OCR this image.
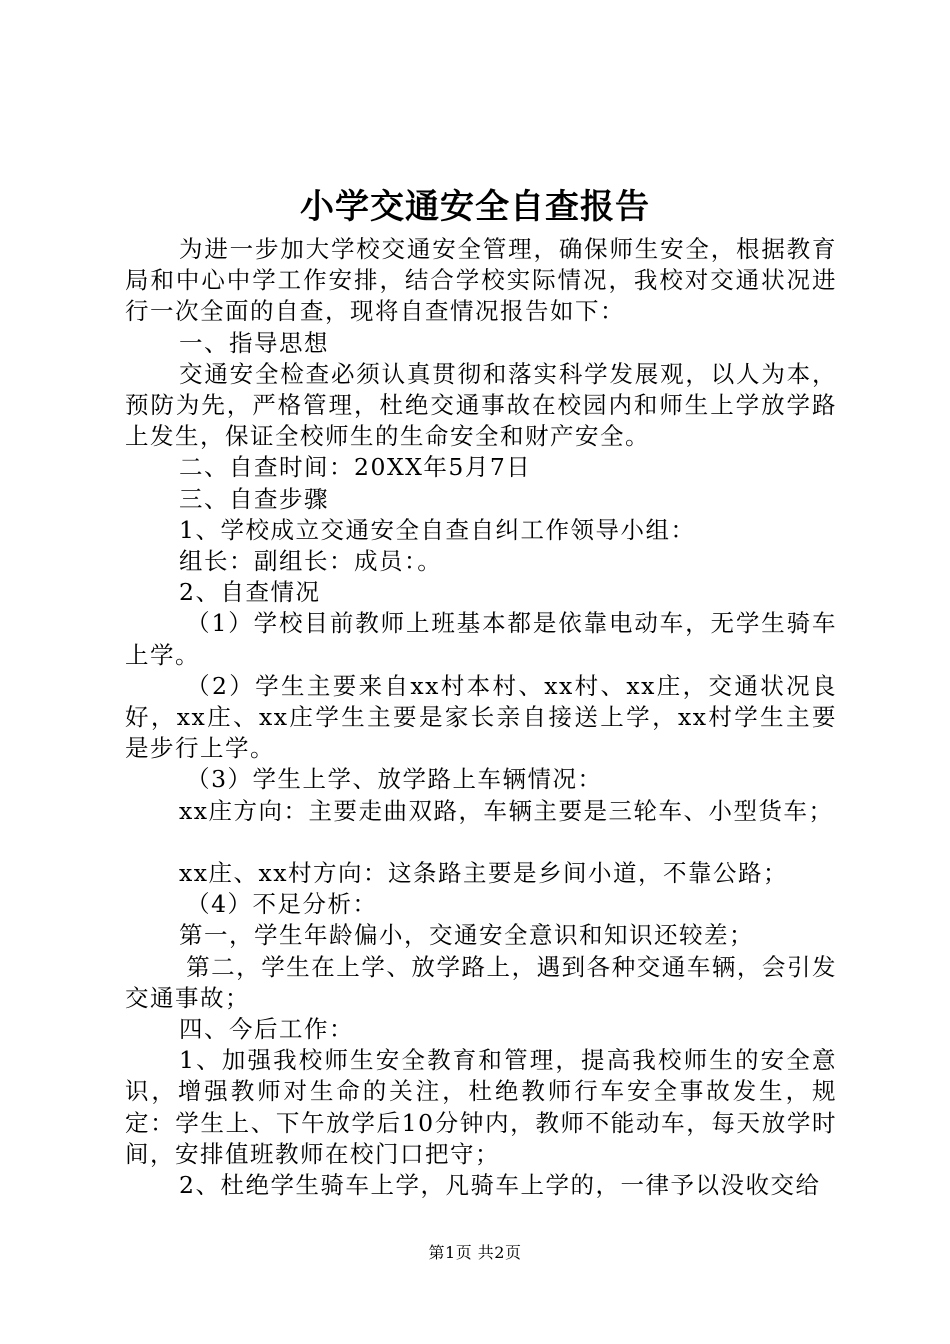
小学交通安全自查报告

为进一步加大学校交通安全管理，确保师生安全，根据教育局和中心中学工作安排，结合学校实际情况，我校对交通状况进行一次全面的自查，现将自查情况报告如下：

一、指导思想

交通安全检查必须认真贯彻和落实科学发展观，以人为本，预防为先，严格管理，杜绝交通事故在校园内和师生上学放学路上发生，保证全校师生的生命安全和财产安全。

二、自查时间：20XX年5月7日

三、自查步骤

1、学校成立交通安全自查自纠工作领导小组：

组长：副组长：成员：。

2、自查情况

（1）学校目前教师上班基本都是依靠电动车，无学生骑车上学。

（2）学生主要来自xx村本村、xx村、xx庄，交通状况良好，xx庄、xx庄学生主要是家长亲自接送上学，xx村学生主要是步行上学。

（3）学生上学、放学路上车辆情况：

xx庄方向：主要走曲双路，车辆主要是三轮车、小型货车；

xx庄、xx村方向：这条路主要是乡间小道，不靠公路；

（4）不足分析：

第一，学生年龄偏小，交通安全意识和知识还较差；

第二，学生在上学、放学路上，遇到各种交通车辆，会引发交通事故；

四、今后工作：

1、加强我校师生安全教育和管理，提高我校师生的安全意识，增强教师对生命的关注，杜绝教师行车安全事故发生，规定：学生上、下午放学后10分钟内，教师不能动车，每天放学时间，安排值班教师在校门口把守；

2、杜绝学生骑车上学，凡骑车上学的，一律予以没收交给

第1页 共2页
